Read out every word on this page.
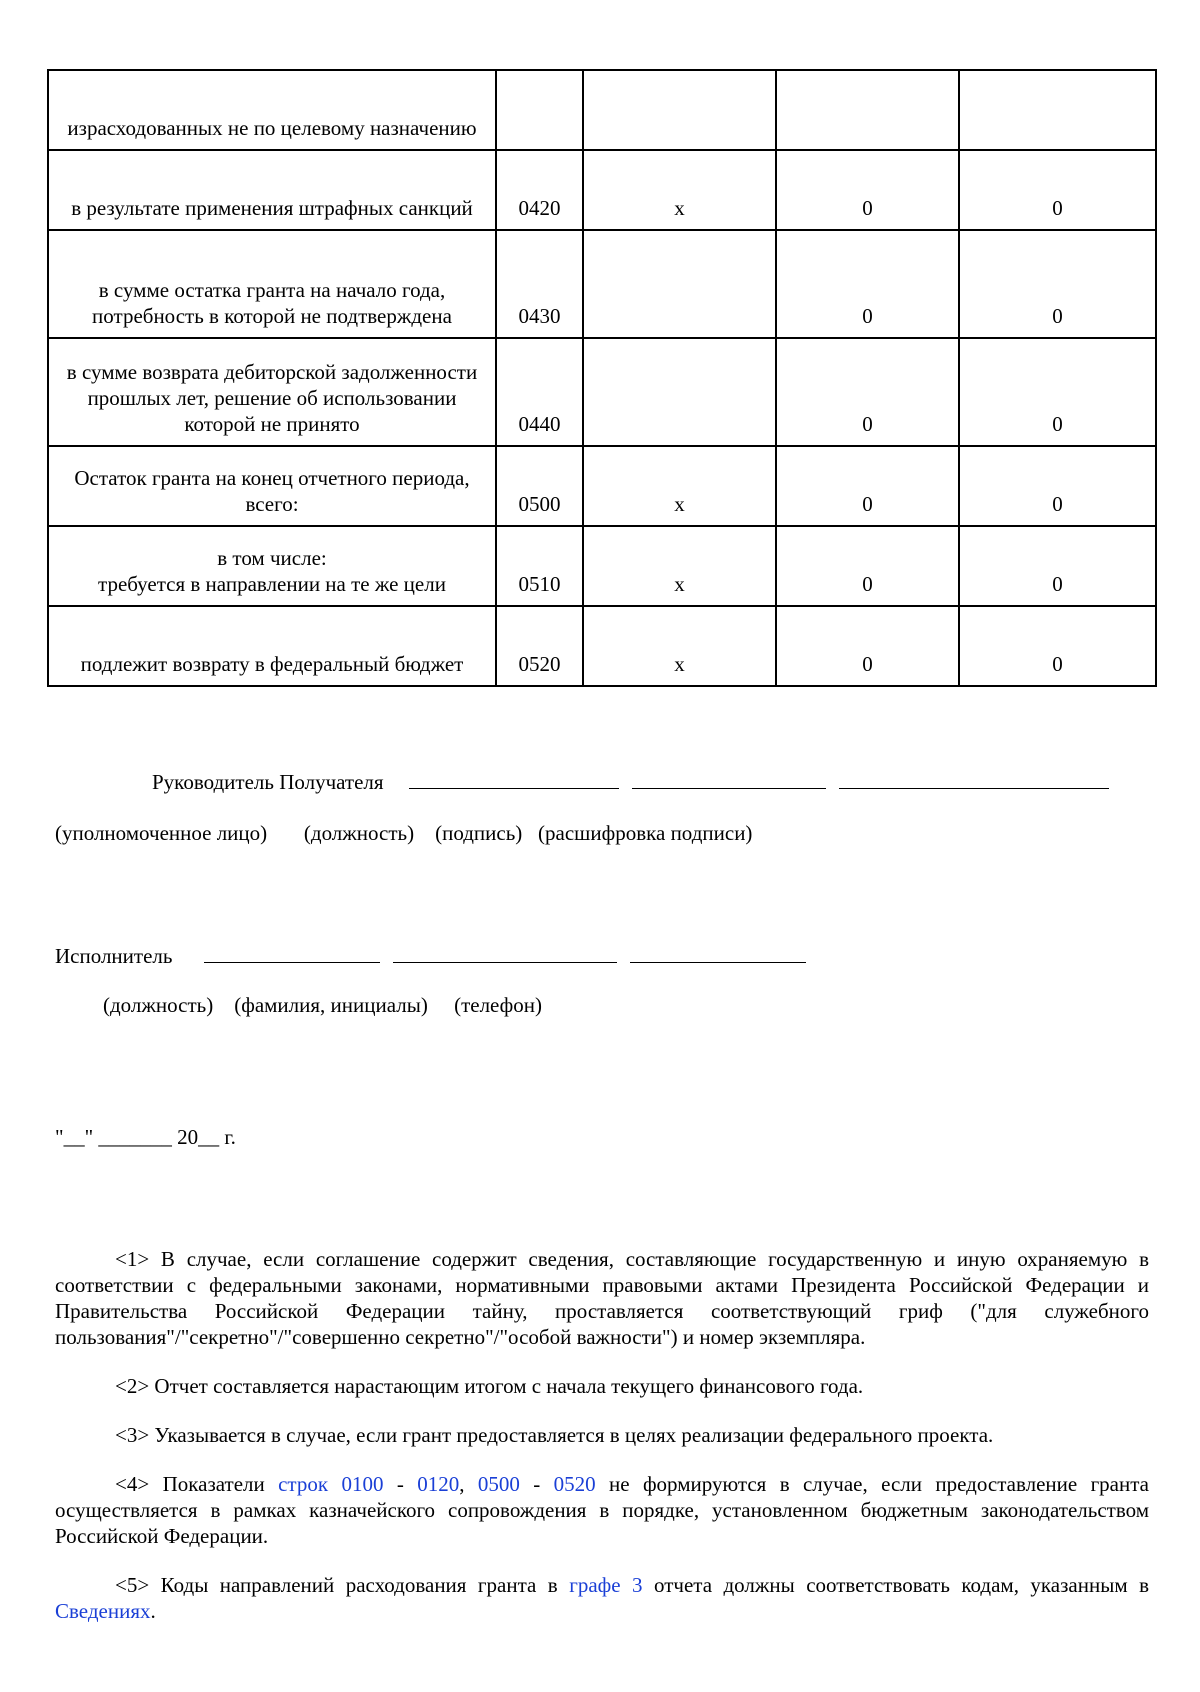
израсходованных не по целевому назначению				
в результате применения штрафных санкций	0420	x	0	0
в сумме остатка гранта на начало года, потребность в которой не подтверждена	0430		0	0
в сумме возврата дебиторской задолженности прошлых лет, решение об использовании которой не принято	0440		0	0
Остаток гранта на конец отчетного периода, всего:	0500	x	0	0
в том числе:
требуется в направлении на те же цели	0510	x	0	0
подлежит возврату в федеральный бюджет	0520	x	0	0
Руководитель Получателя
(уполномоченное лицо)       (должность)    (подпись)   (расшифровка подписи)
Исполнитель
(должность)    (фамилия, инициалы)     (телефон)
"__" _______ 20__ г.

<1> В случае, если соглашение содержит сведения, составляющие государственную и иную охраняемую в соответствии с федеральными законами, нормативными правовыми актами Президента Российской Федерации и Правительства Российской Федерации тайну, проставляется соответствующий гриф ("для служебного пользования"/"секретно"/"совершенно секретно"/"особой важности") и номер экземпляра.

<2> Отчет составляется нарастающим итогом с начала текущего финансового года.

<3> Указывается в случае, если грант предоставляется в целях реализации федерального проекта.

<4> Показатели строк 0100 - 0120, 0500 - 0520 не формируются в случае, если предоставление гранта осуществляется в рамках казначейского сопровождения в порядке, установленном бюджетным законодательством Российской Федерации.

<5> Коды направлений расходования гранта в графе 3 отчета должны соответствовать кодам, указанным в Сведениях.
